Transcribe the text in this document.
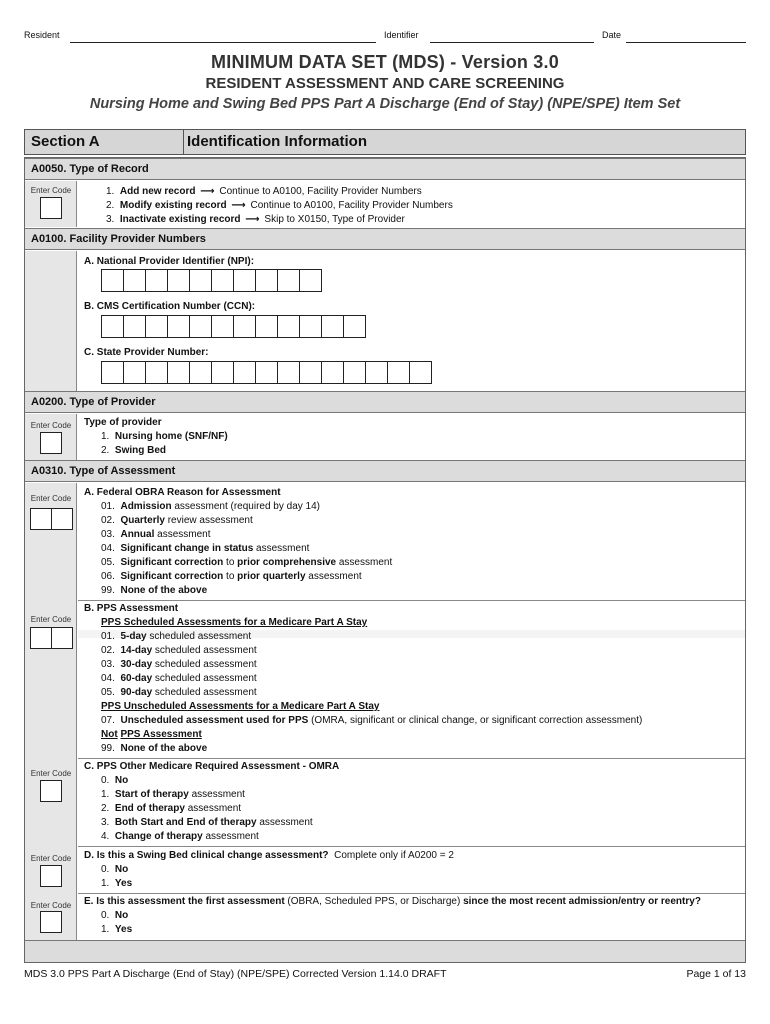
Resident	Identifier	Date
MINIMUM DATA SET (MDS) - Version 3.0
RESIDENT ASSESSMENT AND CARE SCREENING
Nursing Home and Swing Bed PPS Part A Discharge (End of Stay) (NPE/SPE) Item Set
Section A	Identification Information
A0050. Type of Record
Enter Code	1. Add new record ⟶ Continue to A0100, Facility Provider Numbers
2. Modify existing record ⟶ Continue to A0100, Facility Provider Numbers
3. Inactivate existing record ⟶ Skip to X0150, Type of Provider
A0100. Facility Provider Numbers
A. National Provider Identifier (NPI):
B. CMS Certification Number (CCN):
C. State Provider Number:
A0200. Type of Provider
Enter Code	Type of provider
1. Nursing home (SNF/NF)
2. Swing Bed
A0310. Type of Assessment
Enter Code
A. Federal OBRA Reason for Assessment
01. Admission assessment (required by day 14)
02. Quarterly review assessment
03. Annual assessment
04. Significant change in status assessment
05. Significant correction to prior comprehensive assessment
06. Significant correction to prior quarterly assessment
99. None of the above
Enter Code
B. PPS Assessment
PPS Scheduled Assessments for a Medicare Part A Stay
01. 5-day scheduled assessment
02. 14-day scheduled assessment
03. 30-day scheduled assessment
04. 60-day scheduled assessment
05. 90-day scheduled assessment
PPS Unscheduled Assessments for a Medicare Part A Stay
07. Unscheduled assessment used for PPS (OMRA, significant or clinical change, or significant correction assessment)
Not PPS Assessment
99. None of the above
Enter Code
C. PPS Other Medicare Required Assessment - OMRA
0. No
1. Start of therapy assessment
2. End of therapy assessment
3. Both Start and End of therapy assessment
4. Change of therapy assessment
Enter Code	D. Is this a Swing Bed clinical change assessment? Complete only if A0200 = 2
0. No
1. Yes
Enter Code	E. Is this assessment the first assessment (OBRA, Scheduled PPS, or Discharge) since the most recent admission/entry or reentry?
0. No
1. Yes
MDS 3.0 PPS Part A Discharge (End of Stay) (NPE/SPE) Corrected Version 1.14.0 DRAFT	Page 1 of 13
